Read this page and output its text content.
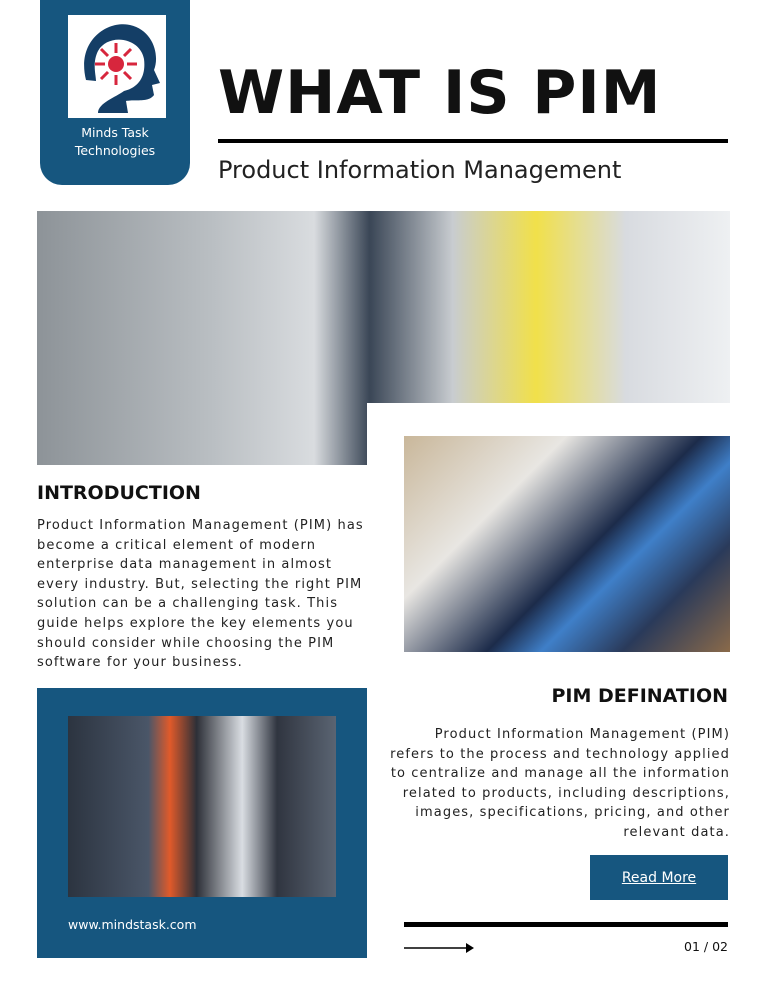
Minds Task Technologies
WHAT IS PIM
Product Information Management
INTRODUCTION
Product Information Management (PIM) has become a critical element of modern enterprise data management in almost every industry. But, selecting the right PIM solution can be a challenging task. This guide helps explore the key elements you should consider while choosing the PIM software for your business.
www.mindstask.com
PIM DEFINATION
Product Information Management (PIM) refers to the process and technology applied to centralize and manage all the information related to products, including descriptions, images, specifications, pricing, and other relevant data.
Read More
01 / 02
